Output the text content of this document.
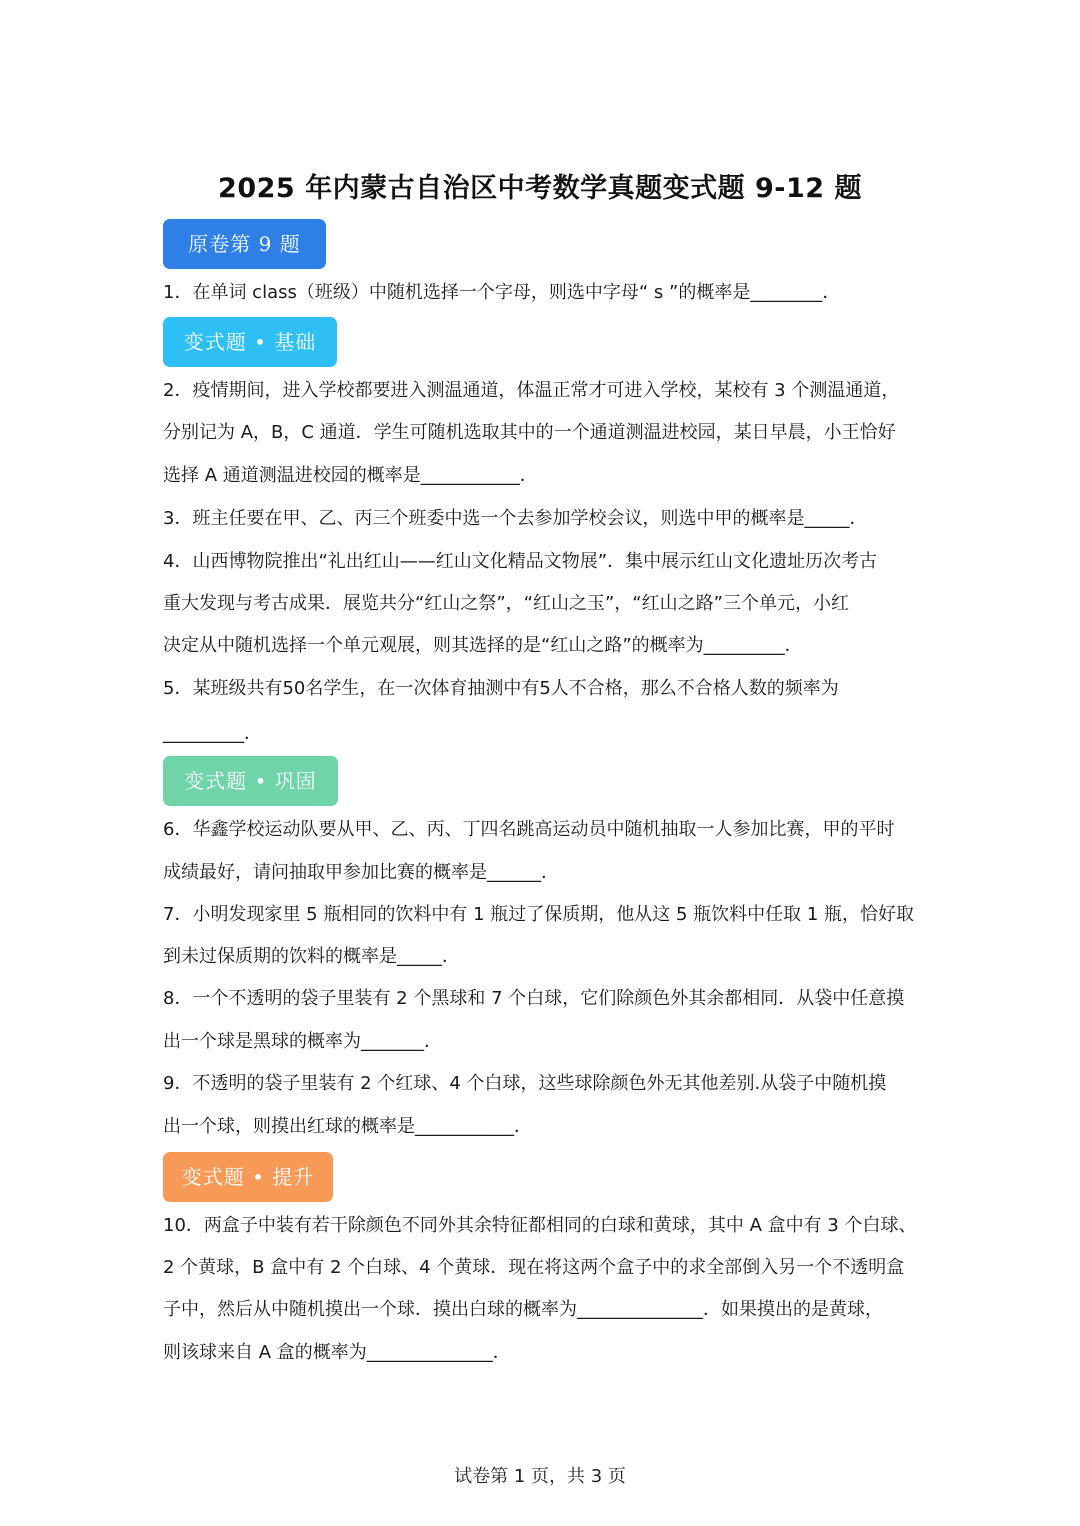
2025 年内蒙古自治区中考数学真题变式题 9-12 题
原卷第 9 题
1．在单词 class（班级）中随机选择一个字母，则选中字母“ s ”的概率是________．
变式题 • 基础
2．疫情期间，进入学校都要进入测温通道，体温正常才可进入学校，某校有 3 个测温通道，
分别记为 A，B，C 通道．学生可随机选取其中的一个通道测温进校园，某日早晨，小王恰好
选择 A 通道测温进校园的概率是___________．
3．班主任要在甲、乙、丙三个班委中选一个去参加学校会议，则选中甲的概率是_____．
4．山西博物院推出“礼出红山——红山文化精品文物展”．集中展示红山文化遗址历次考古
重大发现与考古成果．展览共分“红山之祭”，“红山之玉”，“红山之路”三个单元，小红
决定从中随机选择一个单元观展，则其选择的是“红山之路”的概率为_________．
5．某班级共有50名学生，在一次体育抽测中有5人不合格，那么不合格人数的频率为
_________．
变式题 • 巩固
6．华鑫学校运动队要从甲、乙、丙、丁四名跳高运动员中随机抽取一人参加比赛，甲的平时
成绩最好，请问抽取甲参加比赛的概率是______．
7．小明发现家里 5 瓶相同的饮料中有 1 瓶过了保质期，他从这 5 瓶饮料中任取 1 瓶，恰好取
到未过保质期的饮料的概率是_____．
8．一个不透明的袋子里装有 2 个黑球和 7 个白球，它们除颜色外其余都相同．从袋中任意摸
出一个球是黑球的概率为_______．
9．不透明的袋子里装有 2 个红球、4 个白球，这些球除颜色外无其他差别.从袋子中随机摸
出一个球，则摸出红球的概率是___________．
变式题 • 提升
10．两盒子中装有若干除颜色不同外其余特征都相同的白球和黄球，其中 A 盒中有 3 个白球、
2 个黄球，B 盒中有 2 个白球、4 个黄球．现在将这两个盒子中的求全部倒入另一个不透明盒
子中，然后从中随机摸出一个球．摸出白球的概率为______________．如果摸出的是黄球，
则该球来自 A 盒的概率为______________．
试卷第 1 页，共 3 页
